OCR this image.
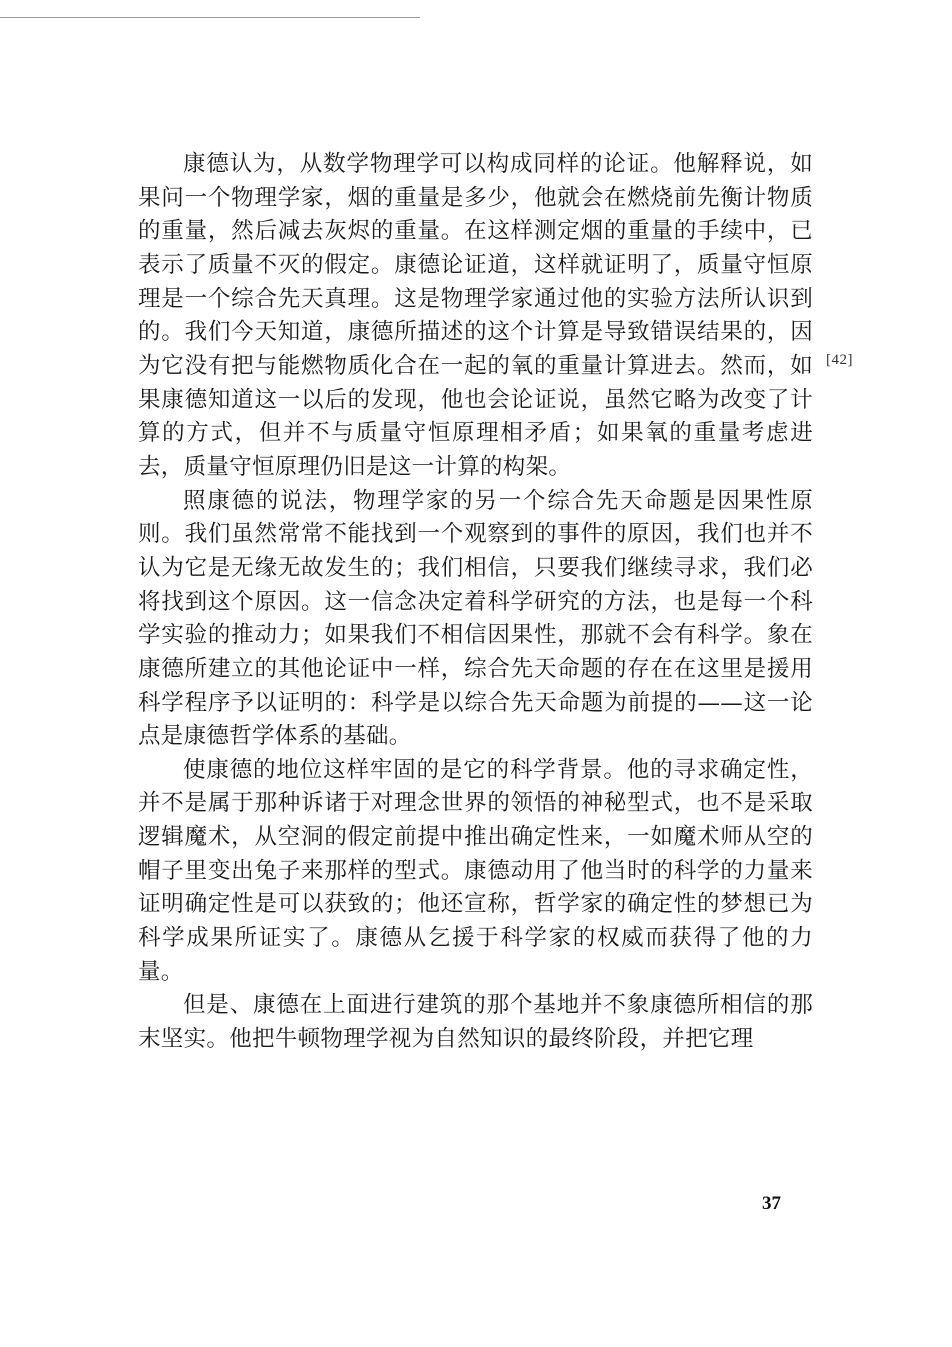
康德认为，从数学物理学可以构成同样的论证。他解释说，如果问一个物理学家，烟的重量是多少，他就会在燃烧前先衡计物质的重量，然后减去灰烬的重量。在这样测定烟的重量的手续中，已表示了质量不灭的假定。康德论证道，这样就证明了，质量守恒原理是一个综合先天真理。这是物理学家通过他的实验方法所认识到的。我们今天知道，康德所描述的这个计算是导致错误结果的，因为它没有把与能燃物质化合在一起的氧的重量计算进去。然而，如果康德知道这一以后的发现，他也会论证说，虽然它略为改变了计算的方式，但并不与质量守恒原理相矛盾；如果氧的重量考虑进去，质量守恒原理仍旧是这一计算的构架。

照康德的说法，物理学家的另一个综合先天命题是因果性原则。我们虽然常常不能找到一个观察到的事件的原因，我们也并不认为它是无缘无故发生的；我们相信，只要我们继续寻求，我们必将找到这个原因。这一信念决定着科学研究的方法，也是每一个科学实验的推动力；如果我们不相信因果性，那就不会有科学。象在康德所建立的其他论证中一样，综合先天命题的存在在这里是援用科学程序予以证明的：科学是以综合先天命题为前提的——这一论点是康德哲学体系的基础。

使康德的地位这样牢固的是它的科学背景。他的寻求确定性，并不是属于那种诉诸于对理念世界的领悟的神秘型式，也不是采取逻辑魔术，从空洞的假定前提中推出确定性来，一如魔术师从空的帽子里变出兔子来那样的型式。康德动用了他当时的科学的力量来证明确定性是可以获致的；他还宣称，哲学家的确定性的梦想已为科学成果所证实了。康德从乞援于科学家的权威而获得了他的力量。

但是、康德在上面进行建筑的那个基地并不象康德所相信的那末坚实。他把牛顿物理学视为自然知识的最终阶段，并把它理

[42]
37
